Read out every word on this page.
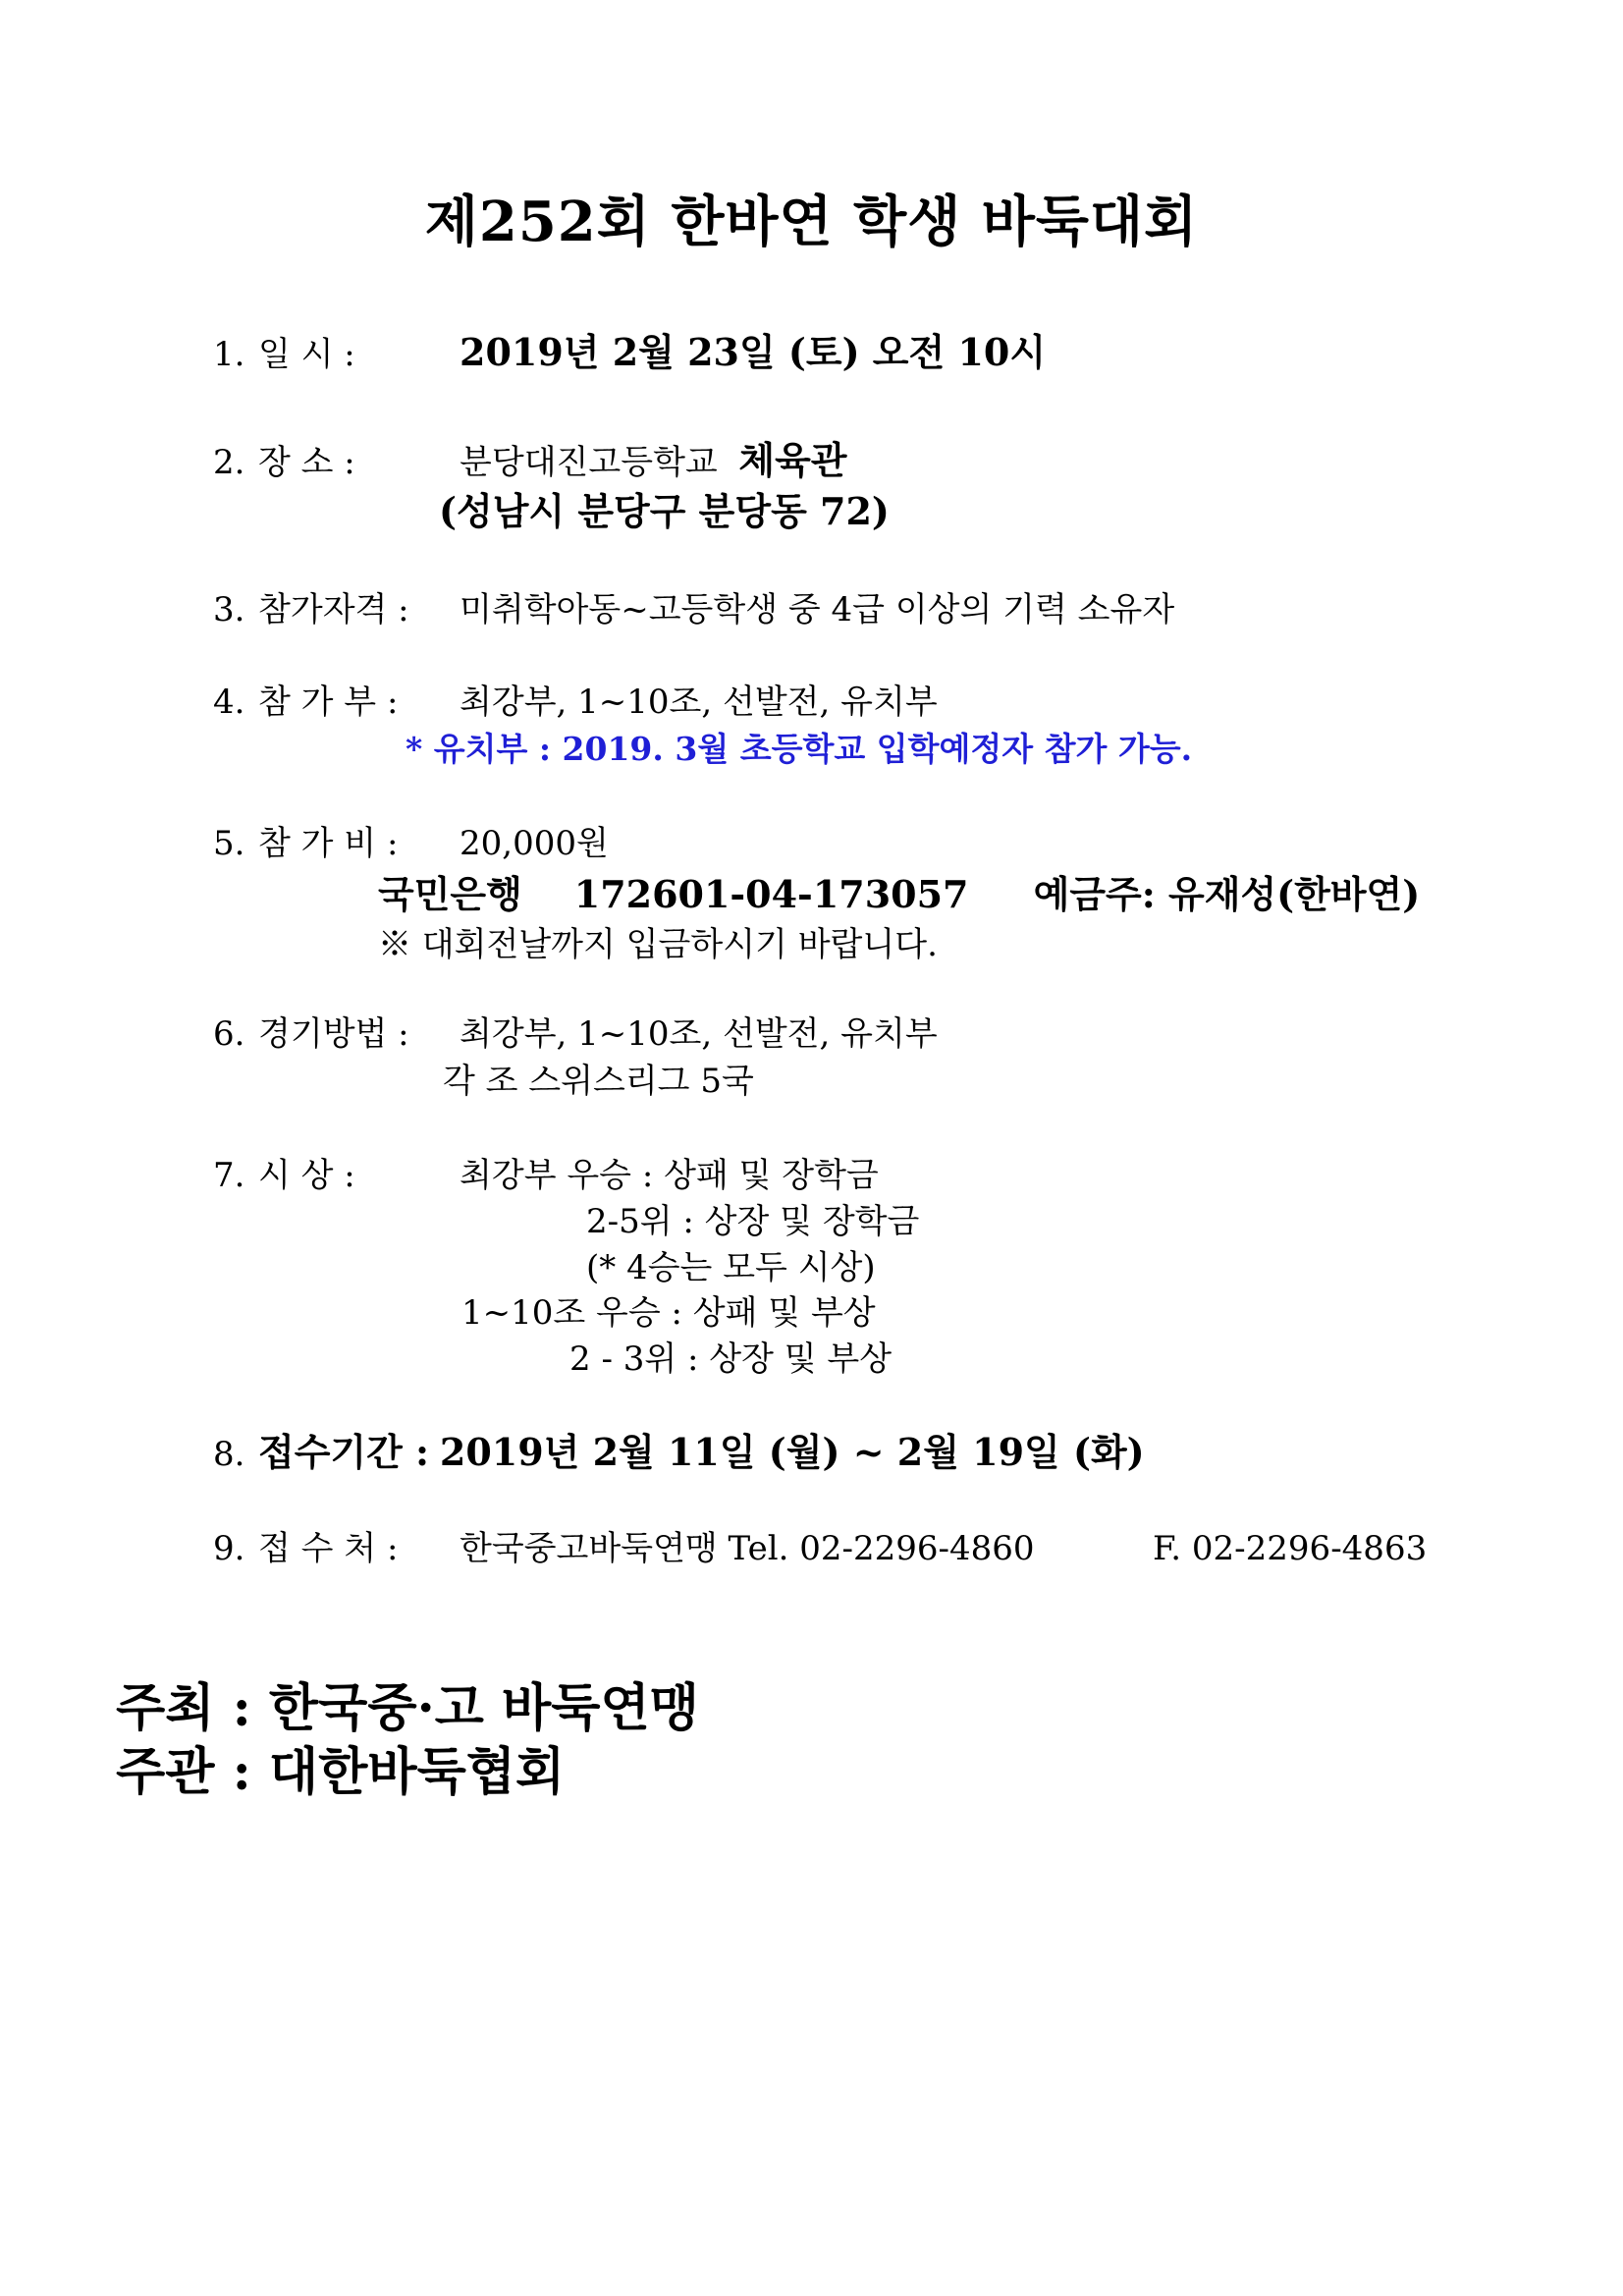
제252회 한바연 학생 바둑대회
1. 일 시 :	2019년 2월 23일 (토) 오전 10시
2. 장 소 :	분당대진고등학교 체육관
(성남시 분당구 분당동 72)
3. 참가자격 : 미취학아동~고등학생 중 4급 이상의 기력 소유자
4. 참 가 부 : 최강부, 1~10조, 선발전, 유치부
* 유치부 : 2019. 3월 초등학교 입학예정자 참가 가능.
5. 참 가 비 : 20,000원
국민은행 172601-04-173057 예금주: 유재성(한바연)
※ 대회전날까지 입금하시기 바랍니다.
6. 경기방법 : 최강부, 1~10조, 선발전, 유치부
각 조 스위스리그 5국
7. 시 상 :	최강부 우승 : 상패 및 장학금
2-5위 : 상장 및 장학금
(* 4승는 모두 시상)
1~10조 우승 : 상패 및 부상
2 - 3위 : 상장 및 부상
8. 접수기간 : 2019년 2월 11일 (월) ~ 2월 19일 (화)
9. 접 수 처 : 한국중고바둑연맹 Tel. 02-2296-4860	F. 02-2296-4863
주최 : 한국중·고 바둑연맹
주관 : 대한바둑협회
